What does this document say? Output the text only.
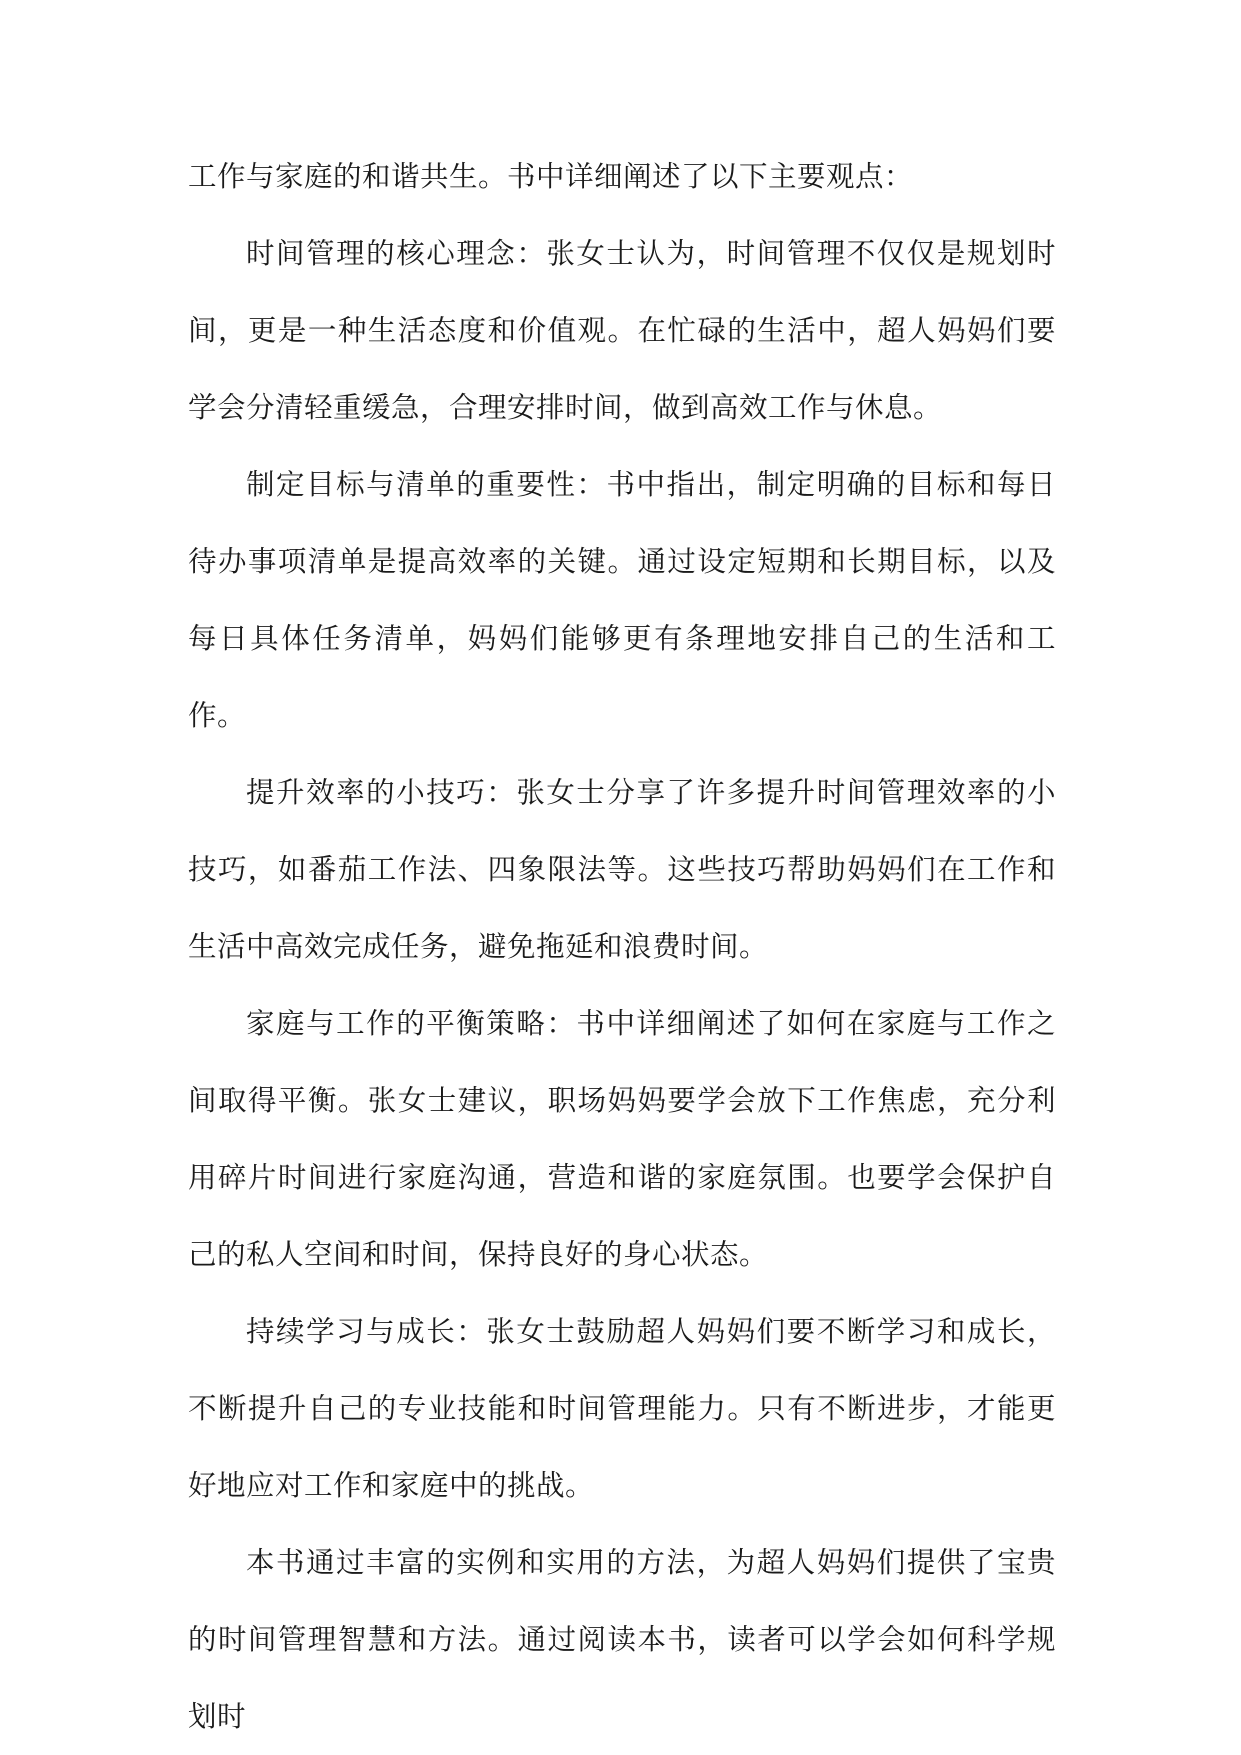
工作与家庭的和谐共生。书中详细阐述了以下主要观点：

时间管理的核心理念：张女士认为，时间管理不仅仅是规划时间，更是一种生活态度和价值观。在忙碌的生活中，超人妈妈们要学会分清轻重缓急，合理安排时间，做到高效工作与休息。

制定目标与清单的重要性：书中指出，制定明确的目标和每日待办事项清单是提高效率的关键。通过设定短期和长期目标，以及每日具体任务清单，妈妈们能够更有条理地安排自己的生活和工作。

提升效率的小技巧：张女士分享了许多提升时间管理效率的小技巧，如番茄工作法、四象限法等。这些技巧帮助妈妈们在工作和生活中高效完成任务，避免拖延和浪费时间。

家庭与工作的平衡策略：书中详细阐述了如何在家庭与工作之间取得平衡。张女士建议，职场妈妈要学会放下工作焦虑，充分利用碎片时间进行家庭沟通，营造和谐的家庭氛围。也要学会保护自己的私人空间和时间，保持良好的身心状态。

持续学习与成长：张女士鼓励超人妈妈们要不断学习和成长，不断提升自己的专业技能和时间管理能力。只有不断进步，才能更好地应对工作和家庭中的挑战。

本书通过丰富的实例和实用的方法，为超人妈妈们提供了宝贵的时间管理智慧和方法。通过阅读本书，读者可以学会如何科学规划时
